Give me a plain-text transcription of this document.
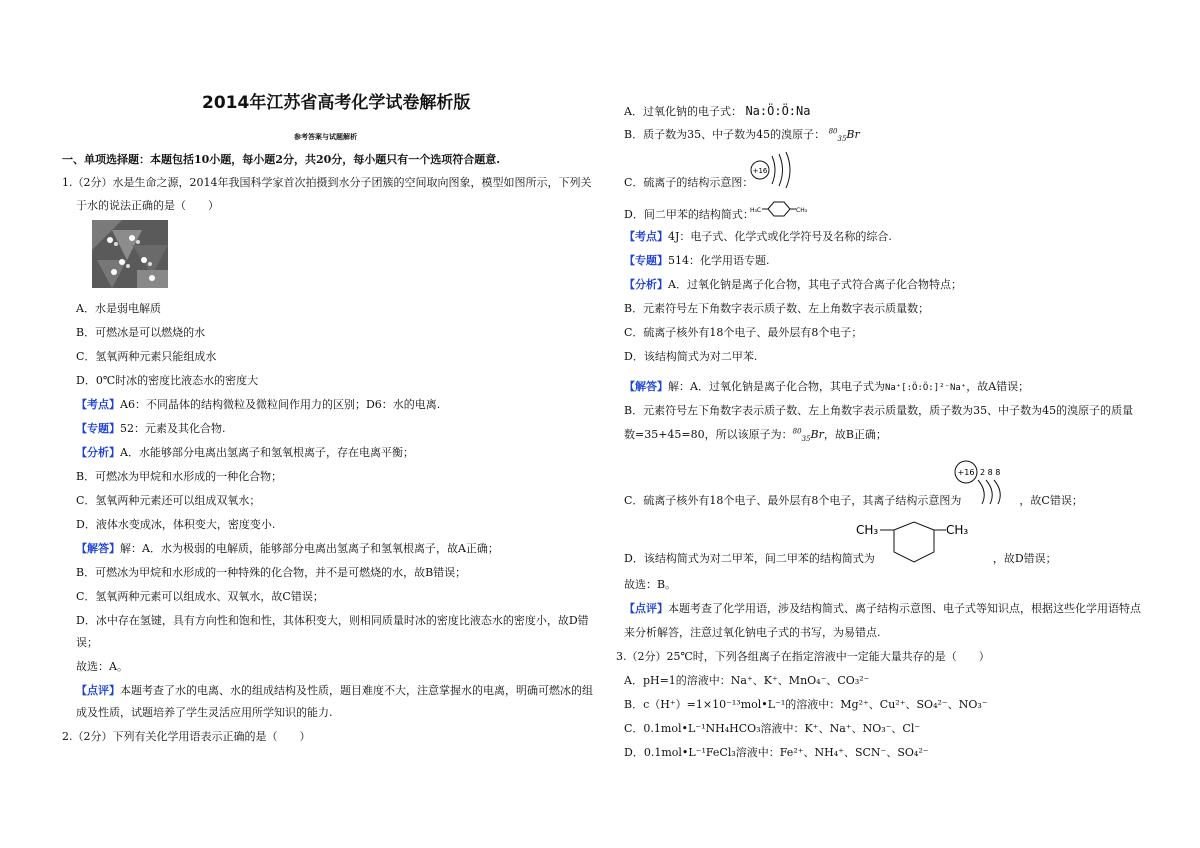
2014年江苏省高考化学试卷解析版
参考答案与试题解析
一、单项选择题：本题包括10小题，每小题2分，共20分，每小题只有一个选项符合题意.
1.（2分）水是生命之源，2014年我国科学家首次拍摄到水分子团簇的空间取向图象，模型如图所示，下列关
于水的说法正确的是（　　）
A．水是弱电解质
B．可燃冰是可以燃烧的水
C．氢氧两种元素只能组成水
D．0℃时冰的密度比液态水的密度大
【 考点 】 A6：不同晶体的结构微粒及微粒间作用力的区别；D6：水的电离.
【 专题 】 52：元素及其化合物.
【 分析 】 A．水能够部分电离出氢离子和氢氧根离子，存在电离平衡；
B．可燃冰为甲烷和水形成的一种化合物；
C．氢氧两种元素还可以组成双氧水；
D．液体水变成冰，体积变大，密度变小.
【 解答 】 解：A．水为极弱的电解质，能够部分电离出氢离子和氢氧根离子，故A正确；
B．可燃冰为甲烷和水形成的一种特殊的化合物，并不是可燃烧的水，故B错误；
C．氢氧两种元素可以组成水、双氧水，故C错误；
D．冰中存在氢键，具有方向性和饱和性，其体积变大，则相同质量时冰的密度比液态水的密度小，故D错
误；
故选：A。
【 点评 】 本题考查了水的电离、水的组成结构及性质，题目难度不大，注意掌握水的电离，明确可燃冰的组
成及性质，试题培养了学生灵活应用所学知识的能力.
2.（2分）下列有关化学用语表示正确的是（　　）
A．过氧化钠的电子式： Na:Ö:Ö:Na
B．质子数为35、中子数为45的溴原子： $^{80}_{35}$Br
+16
C．硫离子的结构示意图：
D．间二甲苯的结构简式：
H₃C	CH₃
【 考点 】 4J：电子式、化学式或化学符号及名称的综合.
【 专题 】 514：化学用语专题.
【 分析 】 A．过氧化钠是离子化合物，其电子式符合离子化合物特点；
B．元素符号左下角数字表示质子数、左上角数字表示质量数；
C．硫离子核外有18个电子、最外层有8个电子；
D．该结构简式为对二甲苯.
【 解答 】 解：A．过氧化钠是离子化合物，其电子式为Na⁺[:Ö:Ö:]²⁻Na⁺，故A错误；
B．元素符号左下角数字表示质子数、左上角数字表示质量数，质子数为35、中子数为45的溴原子的质量
数=35+45=80，所以该原子为：$^{80}_{35}$Br，故B正确；
+16 2 8 8
C．硫离子核外有18个电子、最外层有8个电子，其离子结构示意图为	，故C错误；
CH₃	CH₃
D．该结构简式为对二甲苯，间二甲苯的结构简式为	，故D错误；
故选：B。
【 点评 】 本题考查了化学用语，涉及结构简式、离子结构示意图、电子式等知识点，根据这些化学用语特点
来分析解答，注意过氧化钠电子式的书写，为易错点.
3.（2分）25℃时，下列各组离子在指定溶液中一定能大量共存的是（　　）
A．pH=1的溶液中：Na⁺、K⁺、MnO₄⁻、CO₃²⁻
B．c（H⁺）=1×10⁻¹³mol•L⁻¹的溶液中：Mg²⁺、Cu²⁺、SO₄²⁻、NO₃⁻
C．0.1mol•L⁻¹NH₄HCO₃溶液中：K⁺、Na⁺、NO₃⁻、Cl⁻
D．0.1mol•L⁻¹FeCl₃溶液中：Fe²⁺、NH₄⁺、SCN⁻、SO₄²⁻
